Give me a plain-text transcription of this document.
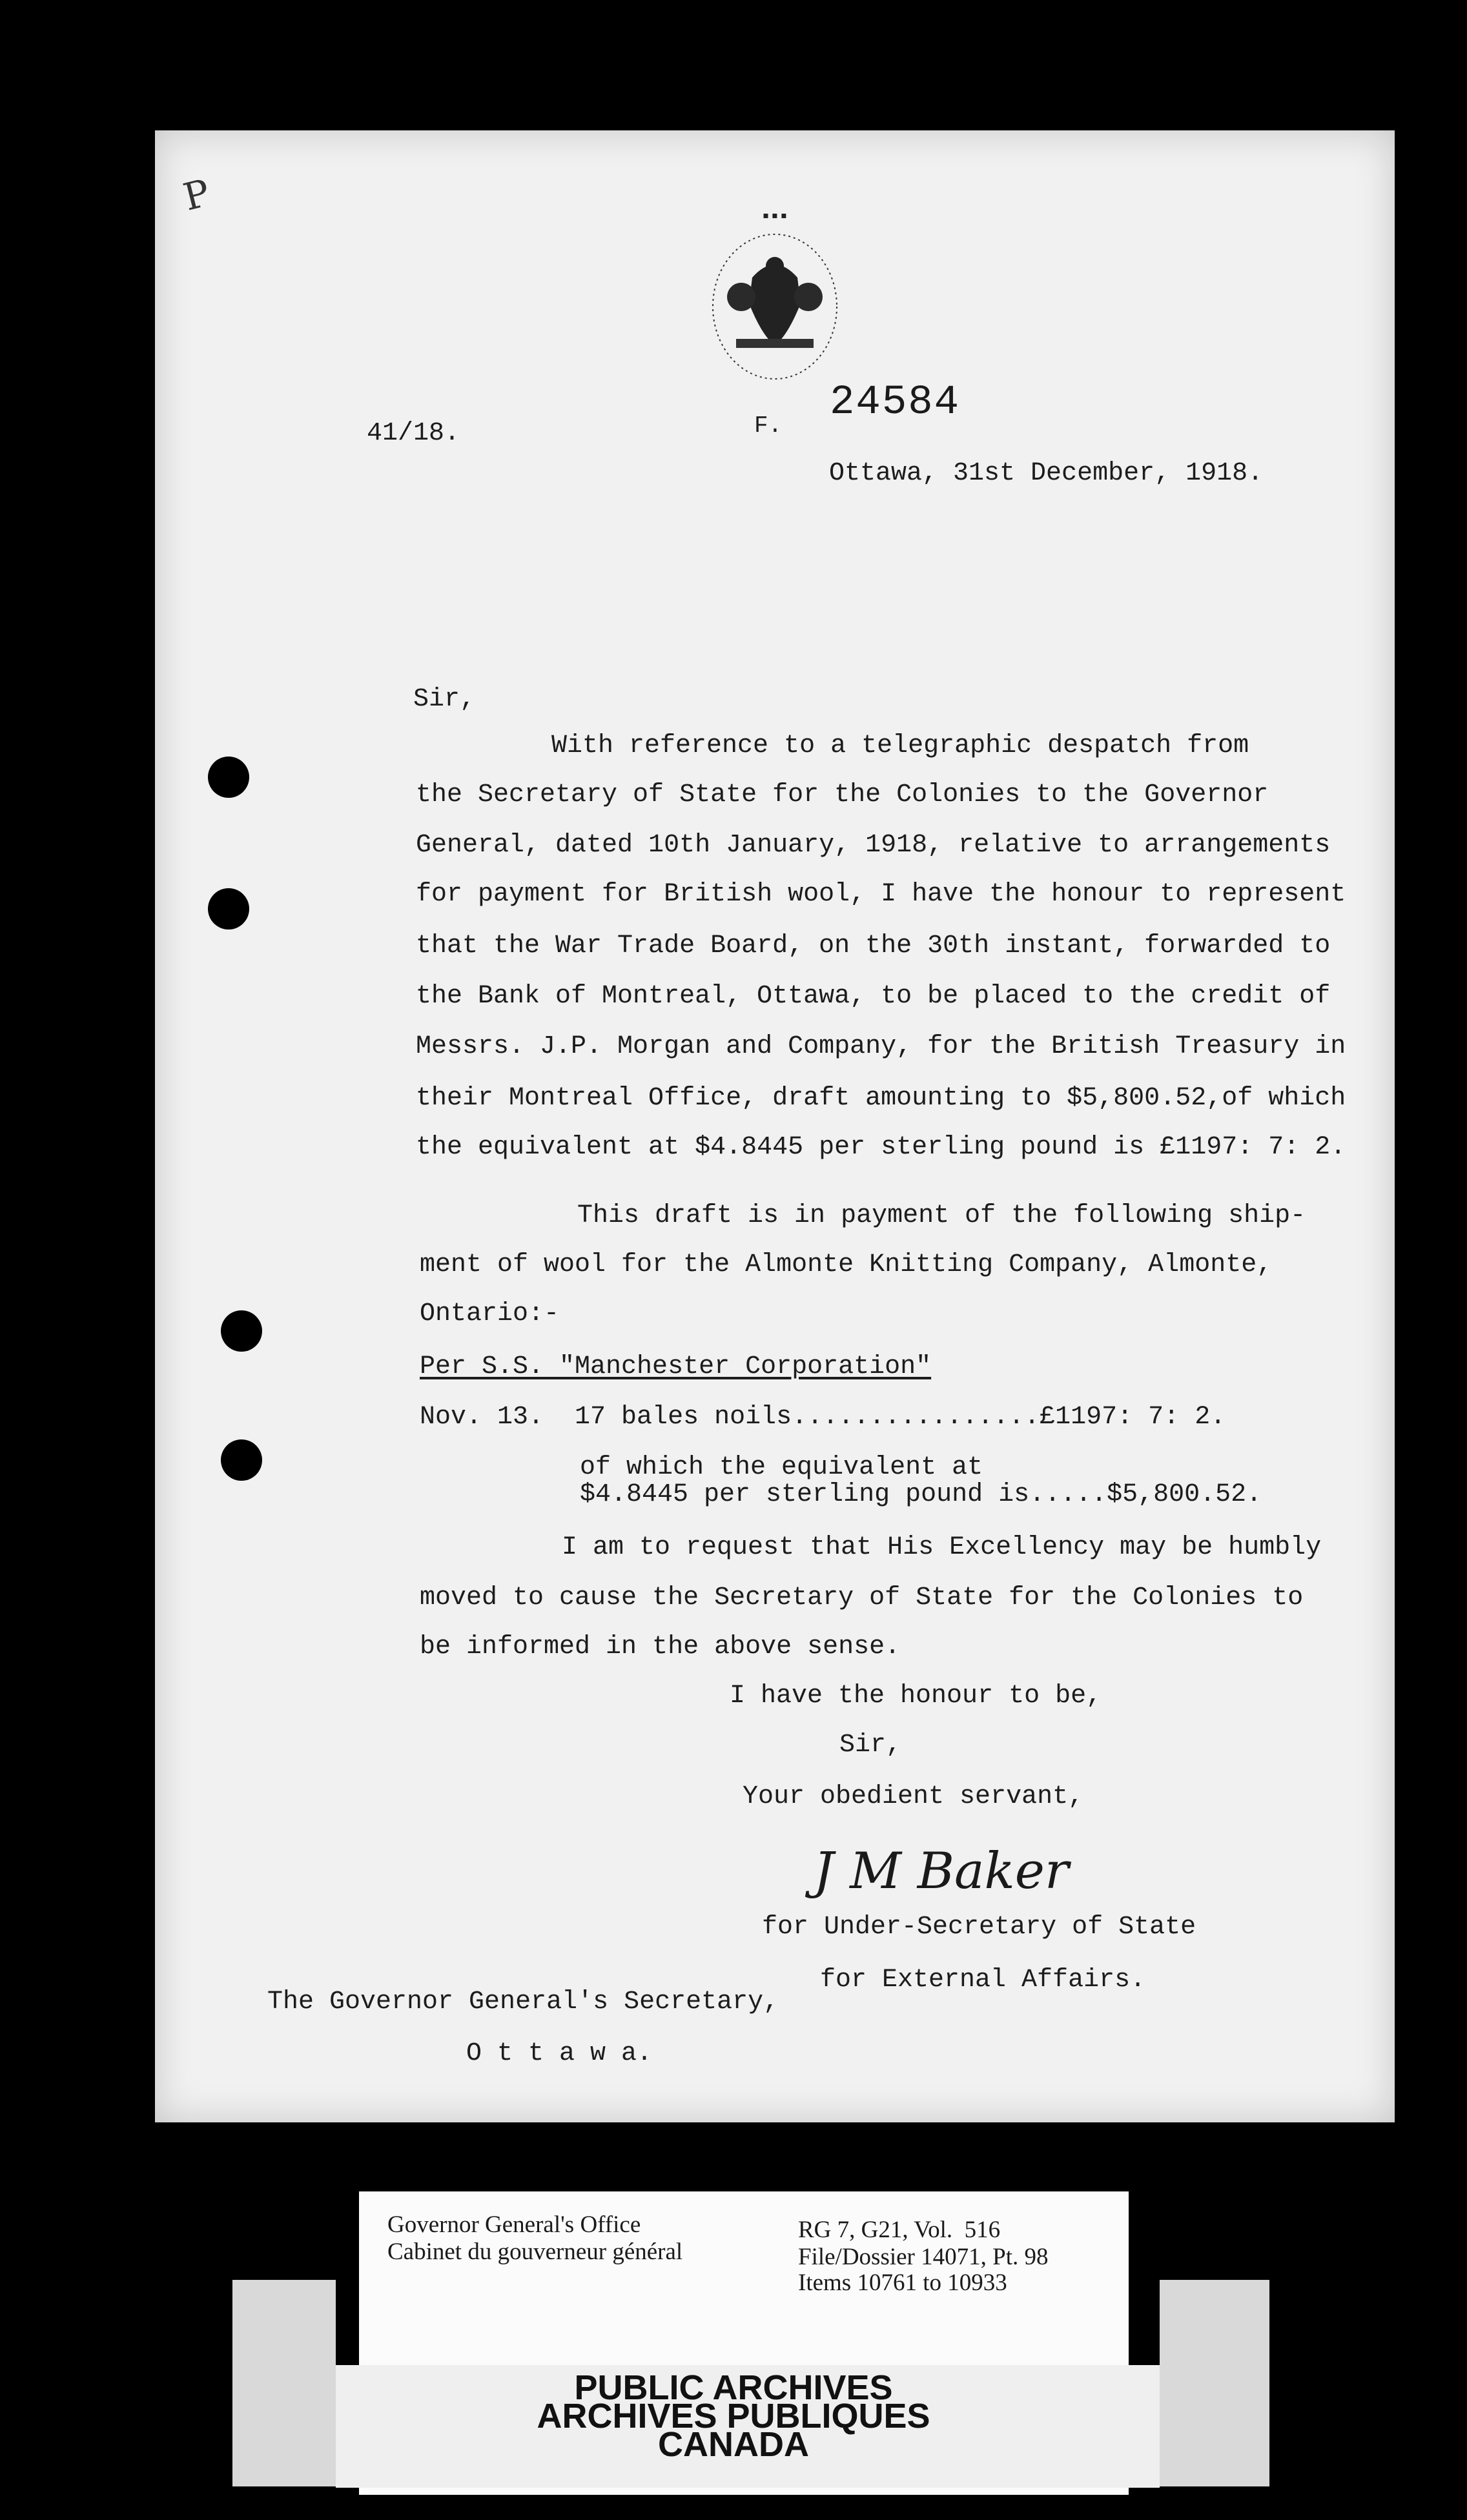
P	▪ ▪ ▪
F. 24584
41/18.
Ottawa, 31st December, 1918.
Sir,
With reference to a telegraphic despatch from
the Secretary of State for the Colonies to the Governor
General, dated 10th January, 1918, relative to arrangements
for payment for British wool, I have the honour to represent
that the War Trade Board, on the 30th instant, forwarded to
the Bank of Montreal, Ottawa, to be placed to the credit of
Messrs. J.P. Morgan and Company, for the British Treasury in
their Montreal Office, draft amounting to $5,800.52,of which
the equivalent at $4.8445 per sterling pound is £1197: 7: 2.
This draft is in payment of the following ship-
ment of wool for the Almonte Knitting Company, Almonte,
Ontario:-
Per S.S. "Manchester Corporation"
Nov. 13.  17 bales noils................£1197: 7: 2.
of which the equivalent at
$4.8445 per sterling pound is.....$5,800.52.
I am to request that His Excellency may be humbly
moved to cause the Secretary of State for the Colonies to
be informed in the above sense.
I have the honour to be,
Sir,
Your obedient servant,
J M Baker
for Under-Secretary of State
for External Affairs.
The Governor General's Secretary,
O t t a w a.
Governor General's Office
Cabinet du gouverneur général
RG 7, G21, Vol.  516
File/Dossier 14071, Pt. 98
Items 10761 to 10933
PUBLIC ARCHIVES
ARCHIVES PUBLIQUES
CANADA
